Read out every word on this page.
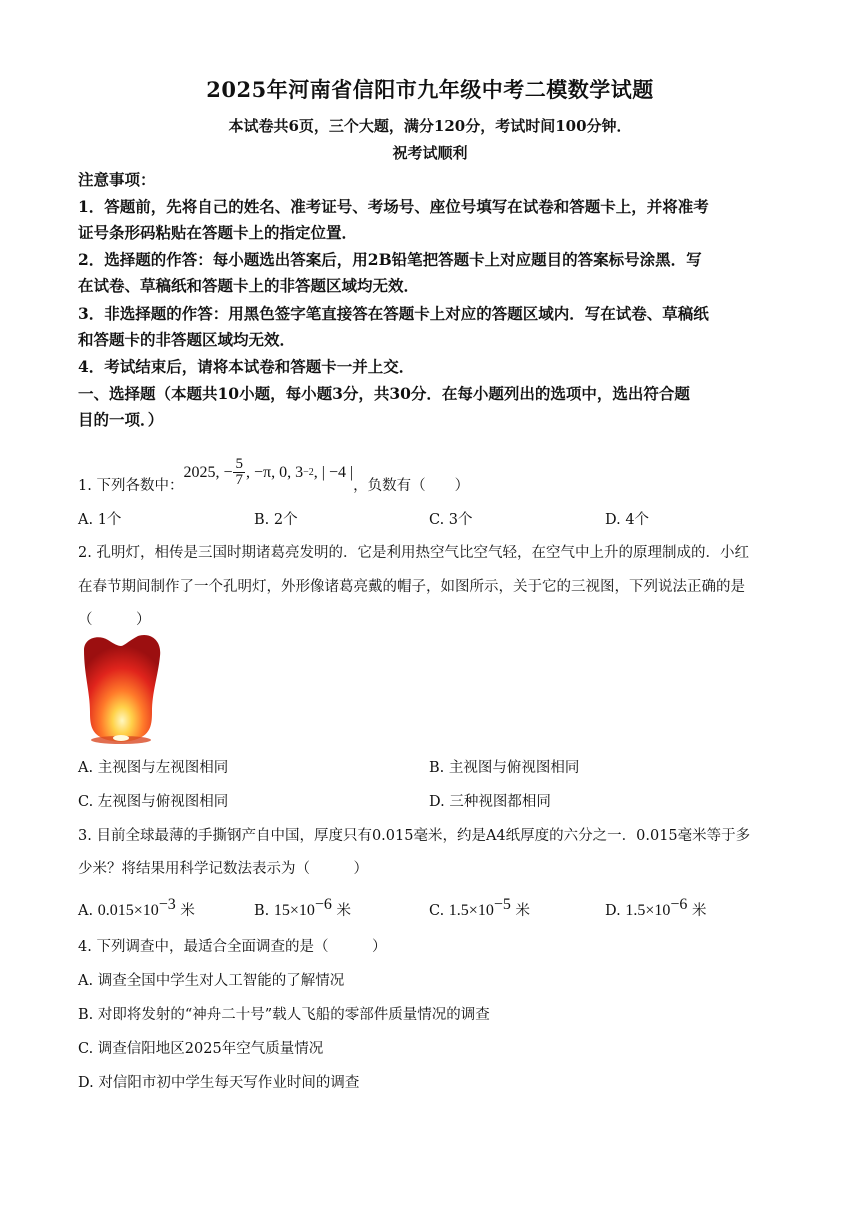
2025年河南省信阳市九年级中考二模数学试题
本试卷共6页，三个大题，满分120分，考试时间100分钟．
祝考试顺利
注意事项：
1．答题前，先将自己的姓名、准考证号、考场号、座位号填写在试卷和答题卡上，并将准考
证号条形码粘贴在答题卡上的指定位置．
2．选择题的作答：每小题选出答案后，用2B铅笔把答题卡上对应题目的答案标号涂黑．写
在试卷、草稿纸和答题卡上的非答题区域均无效．
3．非选择题的作答：用黑色签字笔直接答在答题卡上对应的答题区域内．写在试卷、草稿纸
和答题卡的非答题区域均无效．
4．考试结束后，请将本试卷和答题卡一并上交．
一、选择题（本题共10小题，每小题3分，共30分．在每小题列出的选项中，选出符合题
目的一项．）
1. 下列各数中：
2025, − $\frac{5}{7}$ , −π, 0, 3 −2 , | −4 |
，负数有（　　）
A. 1个	B. 2个	C. 3个	D. 4个
2. 孔明灯，相传是三国时期诸葛亮发明的．它是利用热空气比空气轻，在空气中上升的原理制成的．小红
在春节期间制作了一个孔明灯，外形像诸葛亮戴的帽子，如图所示，关于它的三视图，下列说法正确的是
（　　　）
A. 主视图与左视图相同	B. 主视图与俯视图相同
C. 左视图与俯视图相同	D. 三种视图都相同
3. 目前全球最薄的手撕钢产自中国，厚度只有0.015毫米，约是A4纸厚度的六分之一．0.015毫米等于多
少米？将结果用科学记数法表示为（　　　）
A. $0.015\times 10^{-3}$ 米	B. $15\times 10^{-6}$ 米	C. $1.5\times 10^{-5}$ 米	D. $1.5\times 10^{-6}$ 米
4. 下列调查中，最适合全面调查的是（　　　）
A. 调查全国中学生对人工智能的了解情况
B. 对即将发射的“神舟二十号”载人飞船的零部件质量情况的调查
C. 调查信阳地区2025年空气质量情况
D. 对信阳市初中学生每天写作业时间的调查
